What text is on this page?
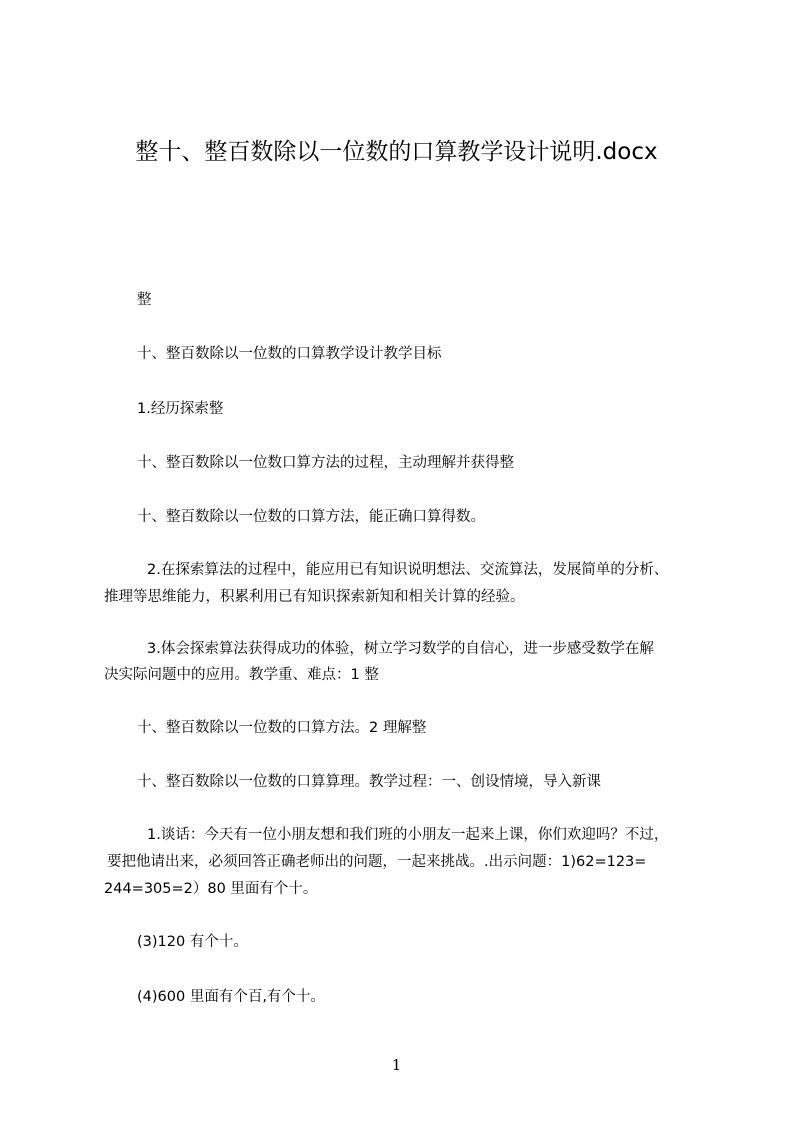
整十、整百数除以一位数的口算教学设计说明.docx

整

十、整百数除以一位数的口算教学设计教学目标

1.经历探索整

十、整百数除以一位数口算方法的过程，主动理解并获得整

十、整百数除以一位数的口算方法，能正确口算得数。

2.在探索算法的过程中，能应用已有知识说明想法、交流算法，发展简单的分析、

推理等思维能力，积累利用已有知识探索新知和相关计算的经验。

3.体会探索算法获得成功的体验，树立学习数学的自信心，进一步感受数学在解

决实际问题中的应用。教学重、难点：1 整

十、整百数除以一位数的口算方法。2 理解整

十、整百数除以一位数的口算算理。教学过程：一、创设情境，导入新课

1.谈话：今天有一位小朋友想和我们班的小朋友一起来上课，你们欢迎吗？不过，

要把他请出来，必须回答正确老师出的问题，一起来挑战。.出示问题：1)62=123=

244=305=2）80 里面有个十。

(3)120 有个十。

(4)600 里面有个百,有个十。

1
